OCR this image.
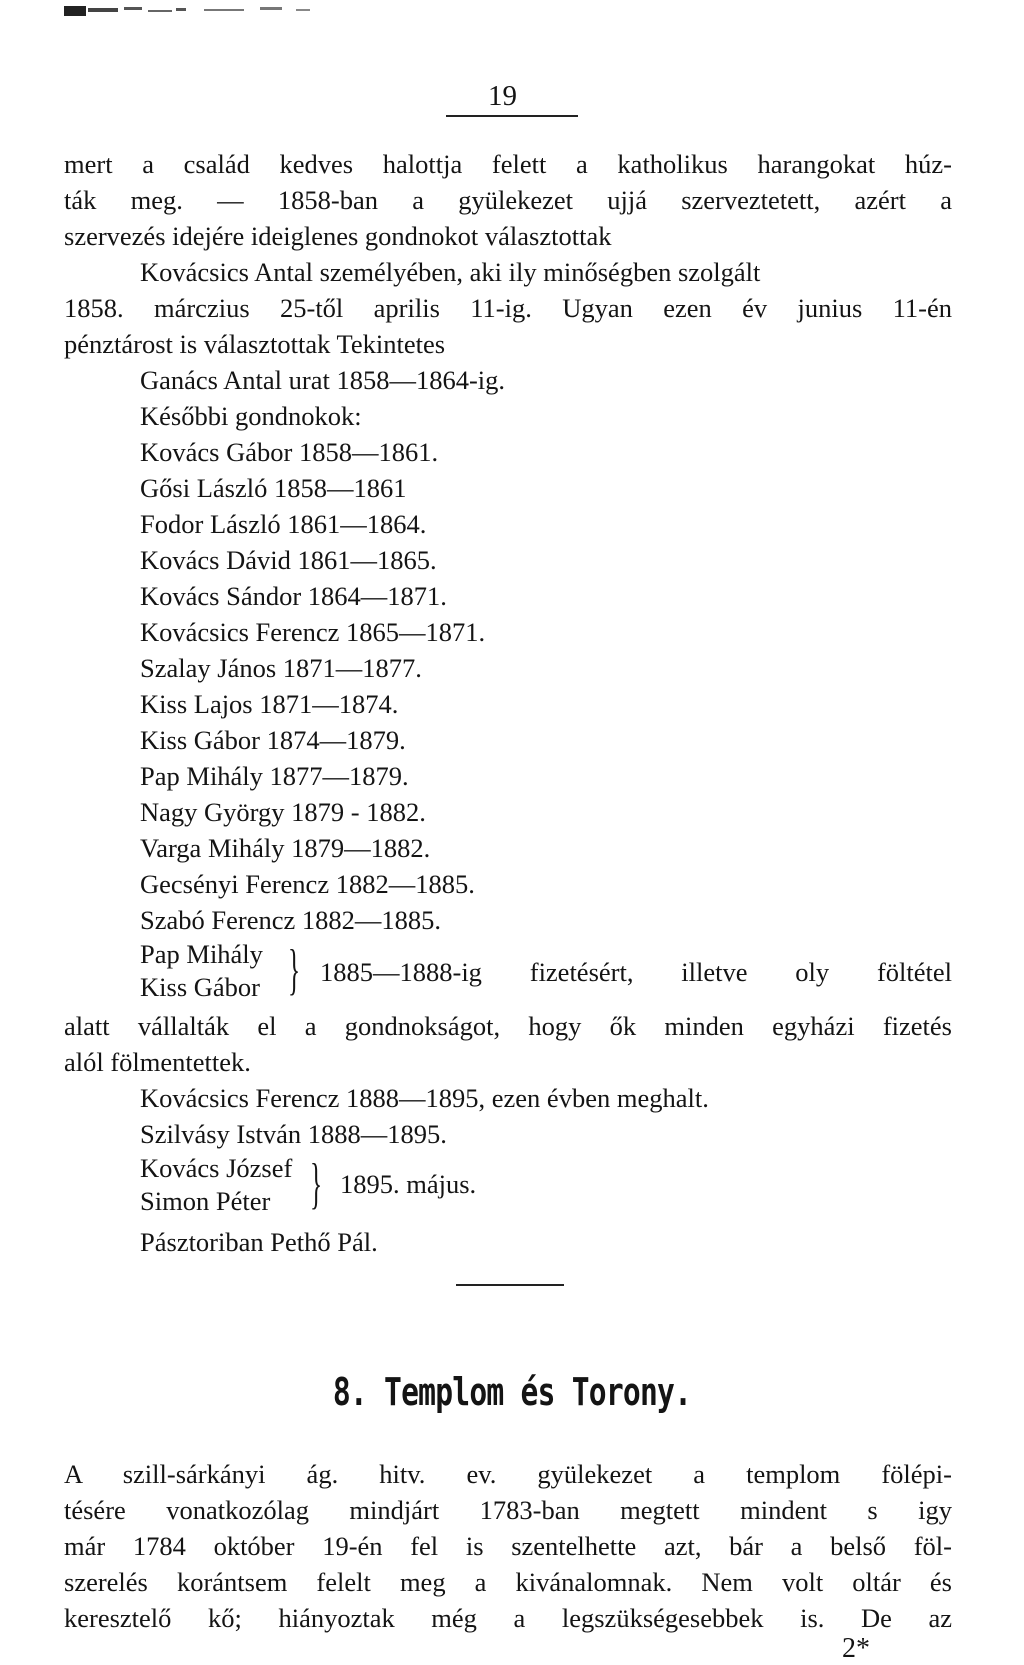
19
mert a család kedves halottja felett a katholikus harangokat húz-
ták meg. — 1858-ban a gyülekezet ujjá szerveztetett, azért a
szervezés idejére ideiglenes gondnokot választottak
Kovácsics Antal személyében, aki ily minőségben szolgált
1858. márczius 25-től aprilis 11-ig. Ugyan ezen év junius 11-én
pénztárost is választottak Tekintetes
Ganács Antal urat 1858—1864-ig.
Későbbi gondnokok:
Kovács Gábor 1858—1861.
Gősi László 1858—1861
Fodor László 1861—1864.
Kovács Dávid 1861—1865.
Kovács Sándor 1864—1871.
Kovácsics Ferencz 1865—1871.
Szalay János 1871—1877.
Kiss Lajos 1871—1874.
Kiss Gábor 1874—1879.
Pap Mihály 1877—1879.
Nagy György 1879 - 1882.
Varga Mihály 1879—1882.
Gecsényi Ferencz 1882—1885.
Szabó Ferencz 1882—1885.
Pap Mihály
Kiss Gábor } 1885—1888-ig fizetésért, illetve oly föltétel
alatt vállalták el a gondnokságot, hogy ők minden egyházi fizetés
alól fölmentettek.
Kovácsics Ferencz 1888—1895, ezen évben meghalt.
Szilvásy István 1888—1895.
Kovács József
Simon Péter } 1895. május.
Pásztoriban Pethő Pál.
8. Templom és Torony.
A szill-sárkányi ág. hitv. ev. gyülekezet a templom fölépi-
tésére vonatkozólag mindjárt 1783-ban megtett mindent s igy
már 1784 október 19-én fel is szentelhette azt, bár a belső föl-
szerelés korántsem felelt meg a kivánalomnak. Nem volt oltár és
keresztelő kő; hiányoztak még a legszükségesebbek is. De az
2*
